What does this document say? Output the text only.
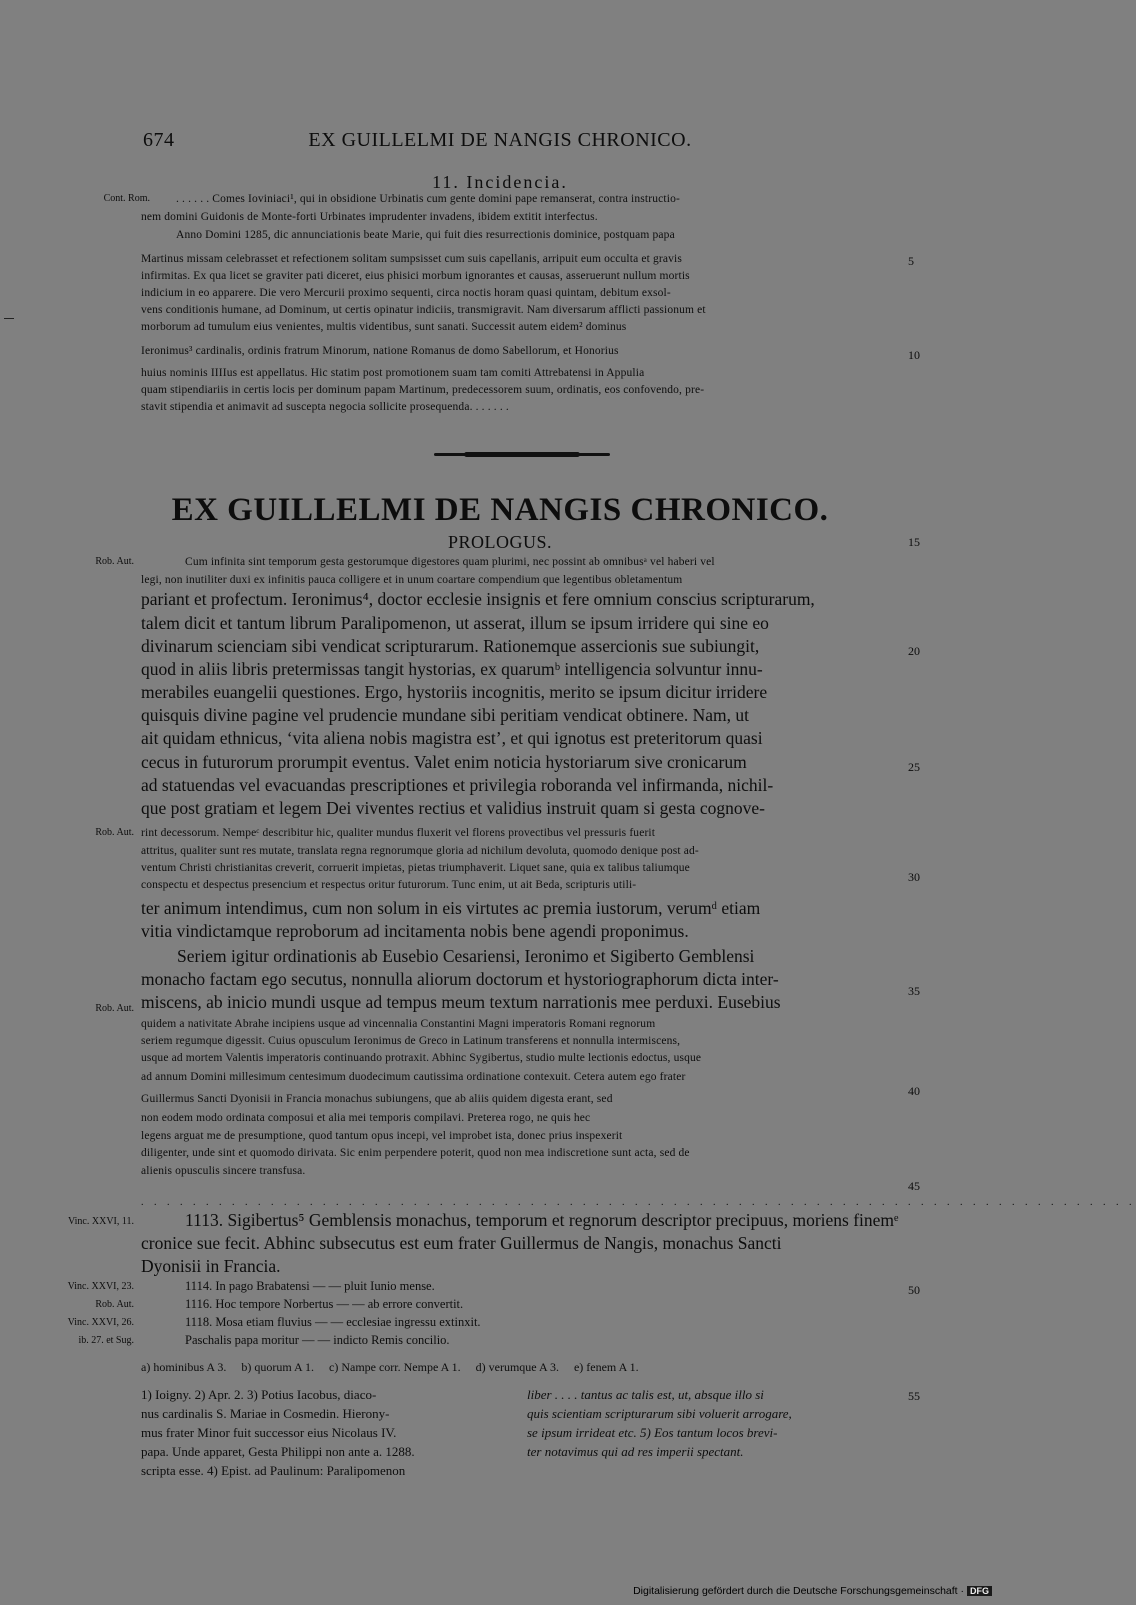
EX GUILLELMI DE NANGIS CHRONICO.
674
11. Incidencia.
Cont. Rom. . . . . . . Comes Ioviniaci¹, qui in obsidione Urbinatis cum gente domini pape remanserat, contra instructio-
nem domini Guidonis de Monte-forti Urbinates imprudenter invadens, ibidem extitit interfectus.
Anno Domini 1285, dic annunciationis beate Marie, qui fuit dies resurrectionis dominice, postquam papa
Martinus missam celebrasset et refectionem solitam sumpsisset cum suis capellanis, arripuit eum occulta et gravis
infirmitas. Ex qua licet se graviter pati diceret, eius phisici morbum ignorantes et causas, asseruerunt nullum mortis
indicium in eo apparere. Die vero Mercurii proximo sequenti, circa noctis horam quasi quintam, debitum exsol-
vens conditionis humane, ad Dominum, ut certis opinatur indiciis, transmigravit. Nam diversarum afflicti passionum et
morborum ad tumulum eius venientes, multis videntibus, sunt sanati. Successit autem eidem² dominus
Ieronimus³ cardinalis, ordinis fratrum Minorum, natione Romanus de domo Sabellorum, et Honorius
huius nominis IIIIus est appellatus. Hic statim post promotionem suam tam comiti Attrebatensi in Appulia
quam stipendiariis in certis locis per dominum papam Martinum, predecessorem suum, ordinatis, eos confovendo, pre-
stavit stipendia et animavit ad suscepta negocia sollicite prosequenda. . . . . . .
5
10
EX GUILLELMI DE NANGIS CHRONICO.
PROLOGUS.	15
Rob. Aut.
Rob. Aut.
Rob. Aut.
Cum infinita sint temporum gesta gestorumque digestores quam plurimi, nec possint ab omnibusᵃ vel haberi vel
legi, non inutiliter duxi ex infinitis pauca colligere et in unum coartare compendium que legentibus obletamentum
pariant et profectum. Ieronimus⁴, doctor ecclesie insignis et fere omnium conscius scripturarum,
talem dicit et tantum librum Paralipomenon, ut asserat, illum se ipsum irridere qui sine eo
divinarum scienciam sibi vendicat scripturarum. Rationemque assercionis sue subiungit,
quod in aliis libris pretermissas tangit hystorias, ex quarumᵇ intelligencia solvuntur innu-
merabiles euangelii questiones. Ergo, hystoriis incognitis, merito se ipsum dicitur irridere
quisquis divine pagine vel prudencie mundane sibi peritiam vendicat obtinere. Nam, ut
ait quidam ethnicus, ‘vita aliena nobis magistra est’, et qui ignotus est preteritorum quasi
cecus in futurorum prorumpit eventus. Valet enim noticia hystoriarum sive cronicarum
ad statuendas vel evacuandas prescriptiones et privilegia roboranda vel infirmanda, nichil-
que post gratiam et legem Dei viventes rectius et validius instruit quam si gesta cognove-
rint decessorum. Nempeᶜ describitur hic, qualiter mundus fluxerit vel florens provectibus vel pressuris fuerit
attritus, qualiter sunt res mutate, translata regna regnorumque gloria ad nichilum devoluta, quomodo denique post ad-
ventum Christi christianitas creverit, corruerit impietas, pietas triumphaverit. Liquet sane, quia ex talibus taliumque
conspectu et despectus presencium et respectus oritur futurorum. Tunc enim, ut ait Beda, scripturis utili-
ter animum intendimus, cum non solum in eis virtutes ac premia iustorum, verumᵈ etiam
vitia vindictamque reproborum ad incitamenta nobis bene agendi proponimus.
Seriem igitur ordinationis ab Eusebio Cesariensi, Ieronimo et Sigiberto Gemblensi
monacho factam ego secutus, nonnulla aliorum doctorum et hystoriographorum dicta inter-
miscens, ab inicio mundi usque ad tempus meum textum narrationis mee perduxi. Eusebius
quidem a nativitate Abrahe incipiens usque ad vincennalia Constantini Magni imperatoris Romani regnorum
seriem regumque digessit. Cuius opusculum Ieronimus de Greco in Latinum transferens et nonnulla intermiscens,
usque ad mortem Valentis imperatoris continuando protraxit. Abhinc Sygibertus, studio multe lectionis edoctus, usque
ad annum Domini millesimum centesimum duodecimum cautissima ordinatione contexuit. Cetera autem ego frater
Guillermus Sancti Dyonisii in Francia monachus subiungens, que ab aliis quidem digesta erant, sed
non eodem modo ordinata composui et alia mei temporis compilavi. Preterea rogo, ne quis hec
legens arguat me de presumptione, quod tantum opus incepi, vel improbet ista, donec prius inspexerit
diligenter, unde sint et quomodo dirivata. Sic enim perpendere poterit, quod non mea indiscretione sunt acta, sed de
alienis opusculis sincere transfusa.
20
25
30
35
40
45
. . . . . . . . . . . . . . . . . . . . . . . . . . . . . . . . . . . . . . . . . . . . . . . . . . . . . . . . . . . . . . . . . . . . . . . . . . . . .
Vinc. XXVI, 11.
Vinc. XXVI, 23.
Rob. Aut.
Vinc. XXVI, 26.
ib. 27. et Sug.
1113. Sigibertus⁵ Gemblensis monachus, temporum et regnorum descriptor precipuus, moriens finemᵉ
cronice sue fecit. Abhinc subsecutus est eum frater Guillermus de Nangis, monachus Sancti
Dyonisii in Francia.
1114. In pago Brabatensi — — pluit Iunio mense.
1116. Hoc tempore Norbertus — — ab errore convertit.
1118. Mosa etiam fluvius — — ecclesiae ingressu extinxit.
Paschalis papa moritur — — indicto Remis concilio.
50
a) hominibus A 3.     b) quorum A 1.     c) Nampe corr. Nempe A 1.     d) verumque A 3.     e) fenem A 1.
1) Ioigny. 2) Apr. 2. 3) Potius Iacobus, diaco-
nus cardinalis S. Mariae in Cosmedin. Hierony-
mus frater Minor fuit successor eius Nicolaus IV.
papa. Unde apparet, Gesta Philippi non ante a. 1288.
scripta esse. 4) Epist. ad Paulinum: Paralipomenon
liber . . . . tantus ac talis est, ut, absque illo si
quis scientiam scripturarum sibi voluerit arrogare,
se ipsum irrideat etc. 5) Eos tantum locos brevi-
ter notavimus qui ad res imperii spectant.
55
Digitalisierung gefördert durch die Deutsche Forschungsgemeinschaft · DFG
